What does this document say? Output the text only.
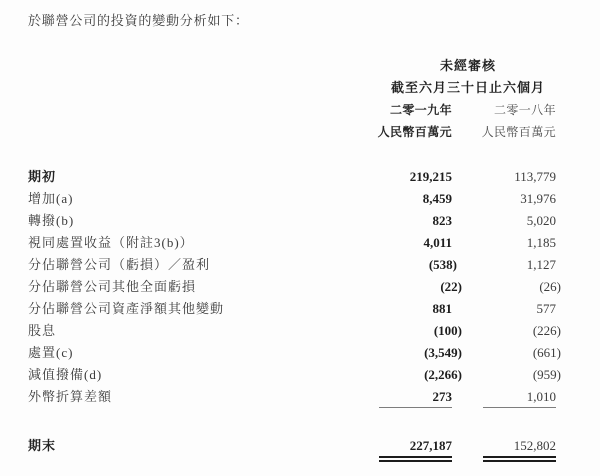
於聯營公司的投資的變動分析如下：

未經審核
截至六月三十日止六個月
二零一九年	二零一八年
人民幣百萬元	人民幣百萬元
期初	219,215	113,779
增加(a)	8,459	31,976
轉撥(b)	823	5,020
視同處置收益（附註3(b)）	4,011	1,185
分佔聯營公司（虧損）／盈利	(538)	1,127
分佔聯營公司其他全面虧損	(22)	(26)
分佔聯營公司資產淨額其他變動	881	577
股息	(100)	(226)
處置(c)	(3,549)	(661)
減值撥備(d)	(2,266)	(959)
外幣折算差額	273	1,010
期末	227,187	152,802
